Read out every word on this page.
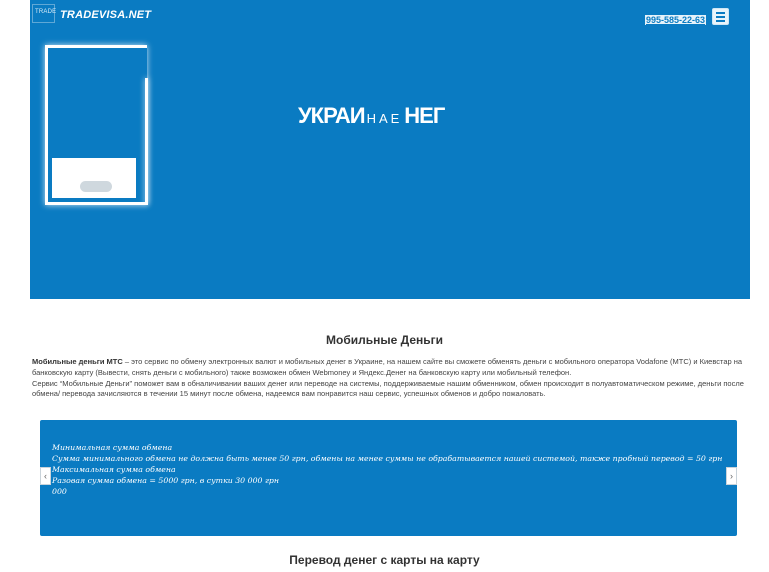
TRADE TRADEVISA.NET	995-585-22-63
УКРАИ НАЕНЕГ
Мобильные Деньги
Мобильные деньги МТС – это сервис по обмену электронных валют и мобильных денег в Украине, на нашем сайте вы сможете обменять деньги с мобильного оператора Vodafone (МТС) и Киевстар на банковскую карту (Вывести, снять деньги с мобильного) также возможен обмен Webmoney и Яндекс.Денег на банковскую карту или мобильный телефон.
Сервис “Мобильные Деньги” поможет вам в обналичивании ваших денег или переводе на системы, поддерживаемые нашим обменником, обмен происходит в полуавтоматическом режиме, деньги после обмена/ перевода зачисляются в течении 15 минут после обмена, надеемся вам понравится наш сервис, успешных обменов и добро пожаловать.
Минимальная сумма обмена
Сумма минимального обмена не должна быть менее 50 грн, обмены на менее суммы не обрабатывается нашей системой, также пробный перевод = 50 грн
Максимальная сумма обмена
Разовая сумма обмена = 5000 грн, в сутки 30 000 грн
000
‹	›
Перевод денег с карты на карту
